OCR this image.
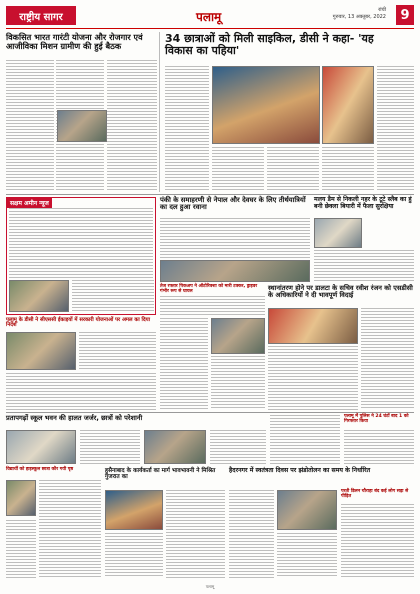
राष्ट्रीय सागर	पलामू	रांची
गुरुवार, 13 अक्तूबर, 2022	9
विकसित भारत गारंटी योजना और रोजगार एवं आजीविका मिशन ग्रामीण की हुई बैठक
34 छात्राओं को मिली साइकिल, डीसी ने कहा- 'यह विकास का पहिया'
सक्षम अमीन न्यूज	पंकी के समाहरणी से नेपाल और देवघर के लिए तीर्थयात्रियों का दल हुआ रवाना
मलय डैम से निकली नहर के टूटे स्लैब का हुं बनी छेक्ला बियारी में फैला सुरक्षिया
तेज रफ्तार पिकअप ने ऑटोरिक्शा को मारी टक्कर, ड्राइवर गंभीर रूप से घायल	स्थानांतरण होने पर डालटा के सचिव रवीश रंजन को एसडीसी के अधिकारियों ने दी भावपूर्ण विदाई
पलामू के डीसी ने सीएससी ईकाइयों में सरकारी योजनाओं पर अमल का दिया निर्देश
प्रतापगढ़ों स्कूल भवन की हालत जर्जर, छात्रों को परेशानी
विद्यार्थी को हाइस्कूल छात्रा कौर गयी पृष्ठ	हुसैनाबाद के कार्यकर्ता का मार्ग भावभावनी ने मिश्रित गुजरात का
पलामू में पुलिस ने 24 घंटों बाद 1 को गिरफ्तार किया
हैदरनगर में स्वतंत्रता दिवस पर झंडोतोलन का समय के निर्धारित
परती डिलन चौराहा बंद कई लोग सड़ा से पीड़ित
पलामू
